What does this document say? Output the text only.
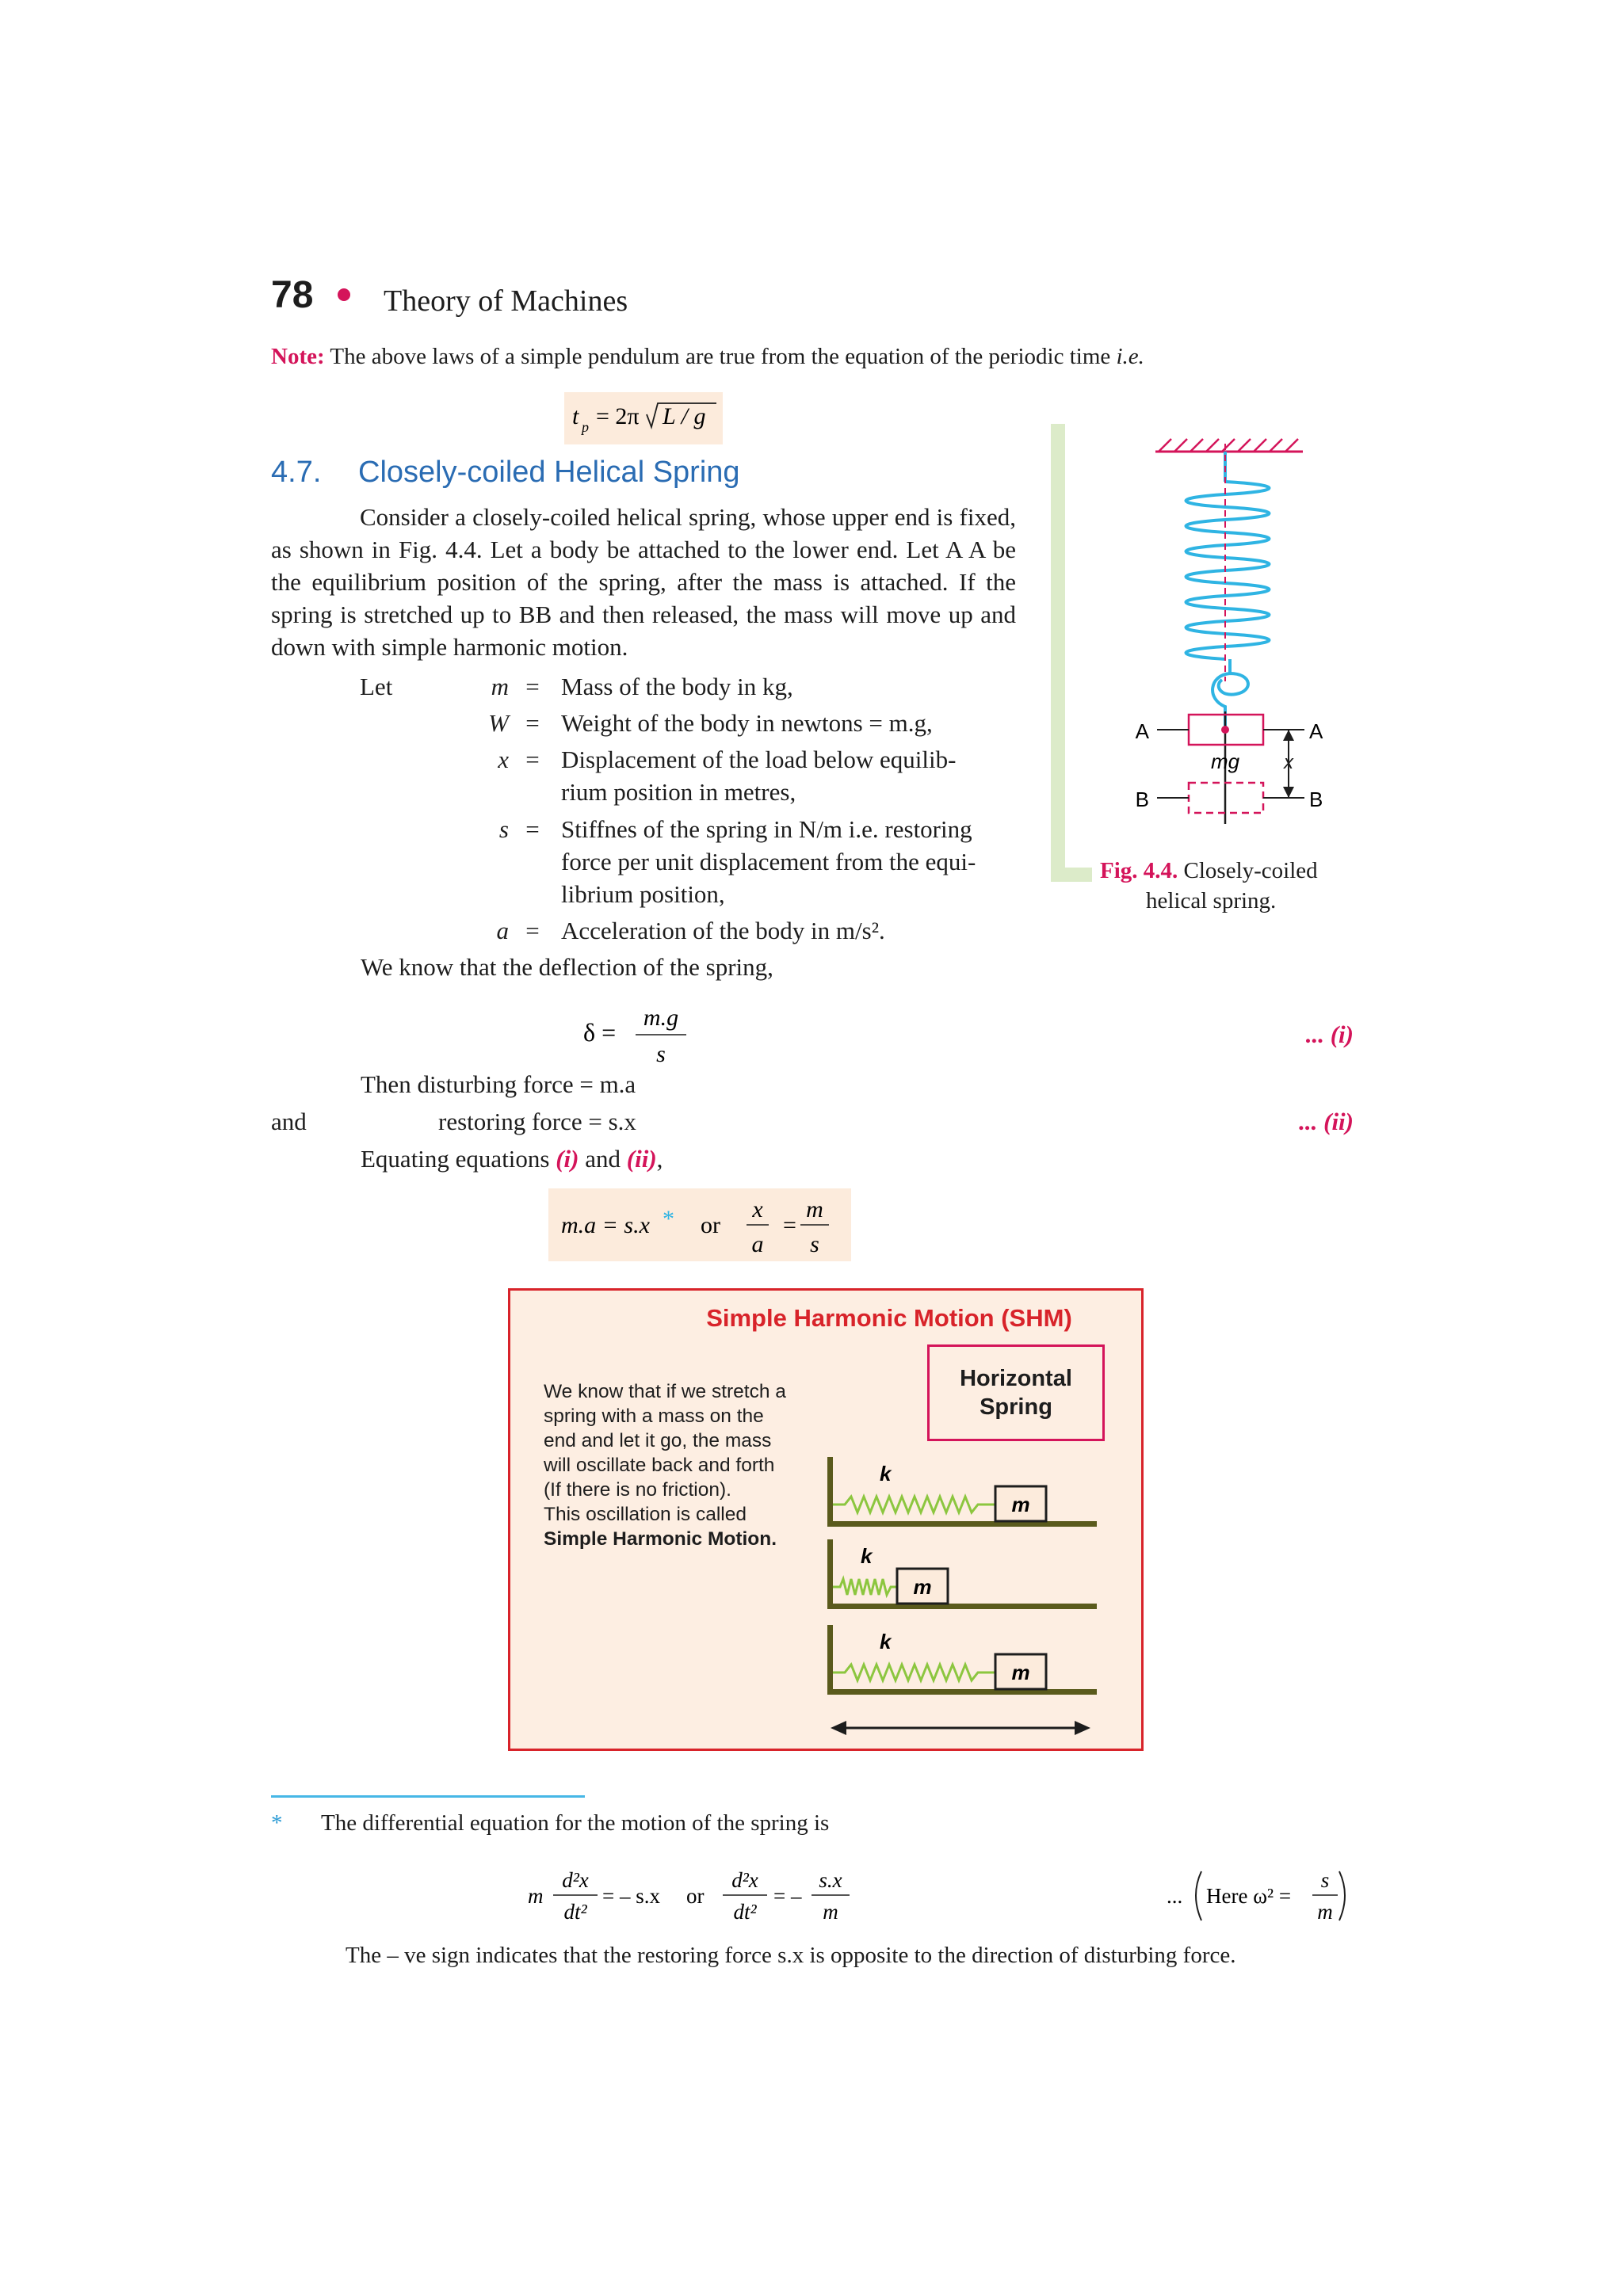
78 Theory of Machines
Note: The above laws of a simple pendulum are true from the equation of the periodic time i.e.
t p = 2π L / g
4.7. Closely-coiled Helical Spring
Consider a closely-coiled helical spring, whose upper end is fixed, as shown in Fig. 4.4. Let a body be attached to the lower end. Let A A be the equilibrium position of the spring, after the mass is attached. If the spring is stretched up to BB and then released, the mass will move up and down with simple harmonic motion.
Let	m = Mass of the body in kg,
W = Weight of the body in newtons = m.g,
x = Displacement of the load below equilib-
rium position in metres,
s = Stiffnes of the spring in N/m i.e. restoring
force per unit displacement from the equi-
librium position,
a = Acceleration of the body in m/s².
We know that the deflection of the spring,
δ =
m.g
s
... (i)
Then disturbing force = m.a
and	restoring force = s.x	... (ii)
Equating equations (i) and (ii),
m.a = s.x * or
x
a
=
m
s
A	A
mg x
B	B
Fig. 4.4. Closely-coiled
helical spring.
Simple Harmonic Motion (SHM)
Horizontal
Spring
We know that if we stretch a
spring with a mass on the
end and let it go, the mass
will oscillate back and forth
(If there is no friction).
This oscillation is called
Simple Harmonic Motion.
m
k
m
k
m
k
* The differential equation for the motion of the spring is
m
d²x
dt²
= – s.x or
d²x
dt²
= –
s.x
m
... Here ω² =
s
m
The – ve sign indicates that the restoring force s.x is opposite to the direction of disturbing force.
